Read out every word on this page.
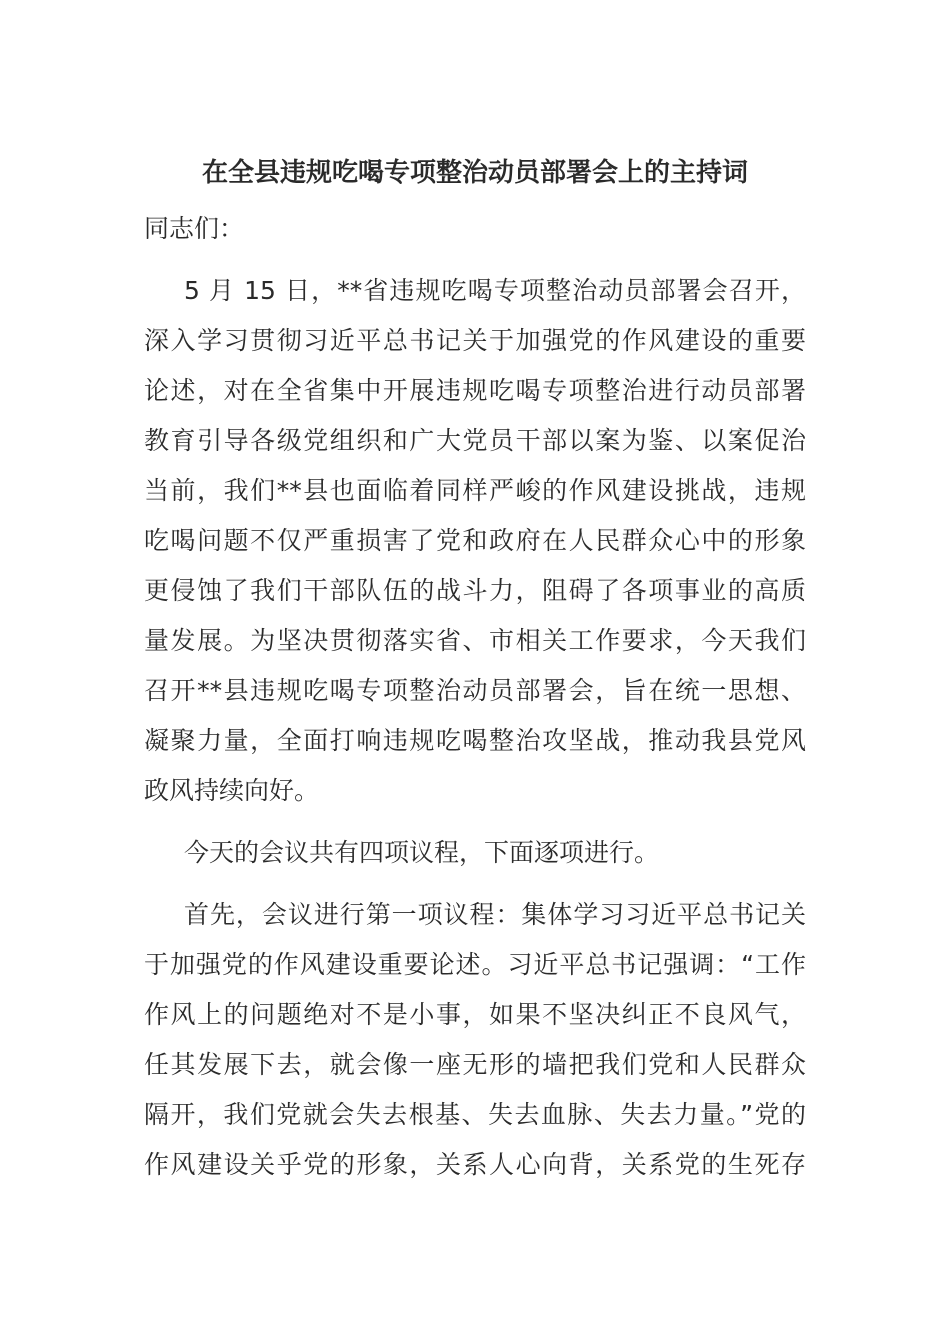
在全县违规吃喝专项整治动员部署会上的主持词
同志们：
5 月 15 日，**省违规吃喝专项整治动员部署会召开，
深入学习贯彻习近平总书记关于加强党的作风建设的重要
论述，对在全省集中开展违规吃喝专项整治进行动员部署
教育引导各级党组织和广大党员干部以案为鉴、以案促治
当前，我们**县也面临着同样严峻的作风建设挑战，违规
吃喝问题不仅严重损害了党和政府在人民群众心中的形象
更侵蚀了我们干部队伍的战斗力，阻碍了各项事业的高质
量发展。为坚决贯彻落实省、市相关工作要求，今天我们
召开**县违规吃喝专项整治动员部署会，旨在统一思想、
凝聚力量，全面打响违规吃喝整治攻坚战，推动我县党风
政风持续向好。
今天的会议共有四项议程，下面逐项进行。
首先，会议进行第一项议程：集体学习习近平总书记关
于加强党的作风建设重要论述。习近平总书记强调：“工作
作风上的问题绝对不是小事，如果不坚决纠正不良风气，
任其发展下去，就会像一座无形的墙把我们党和人民群众
隔开，我们党就会失去根基、失去血脉、失去力量。”党的
作风建设关乎党的形象，关系人心向背，关系党的生死存
